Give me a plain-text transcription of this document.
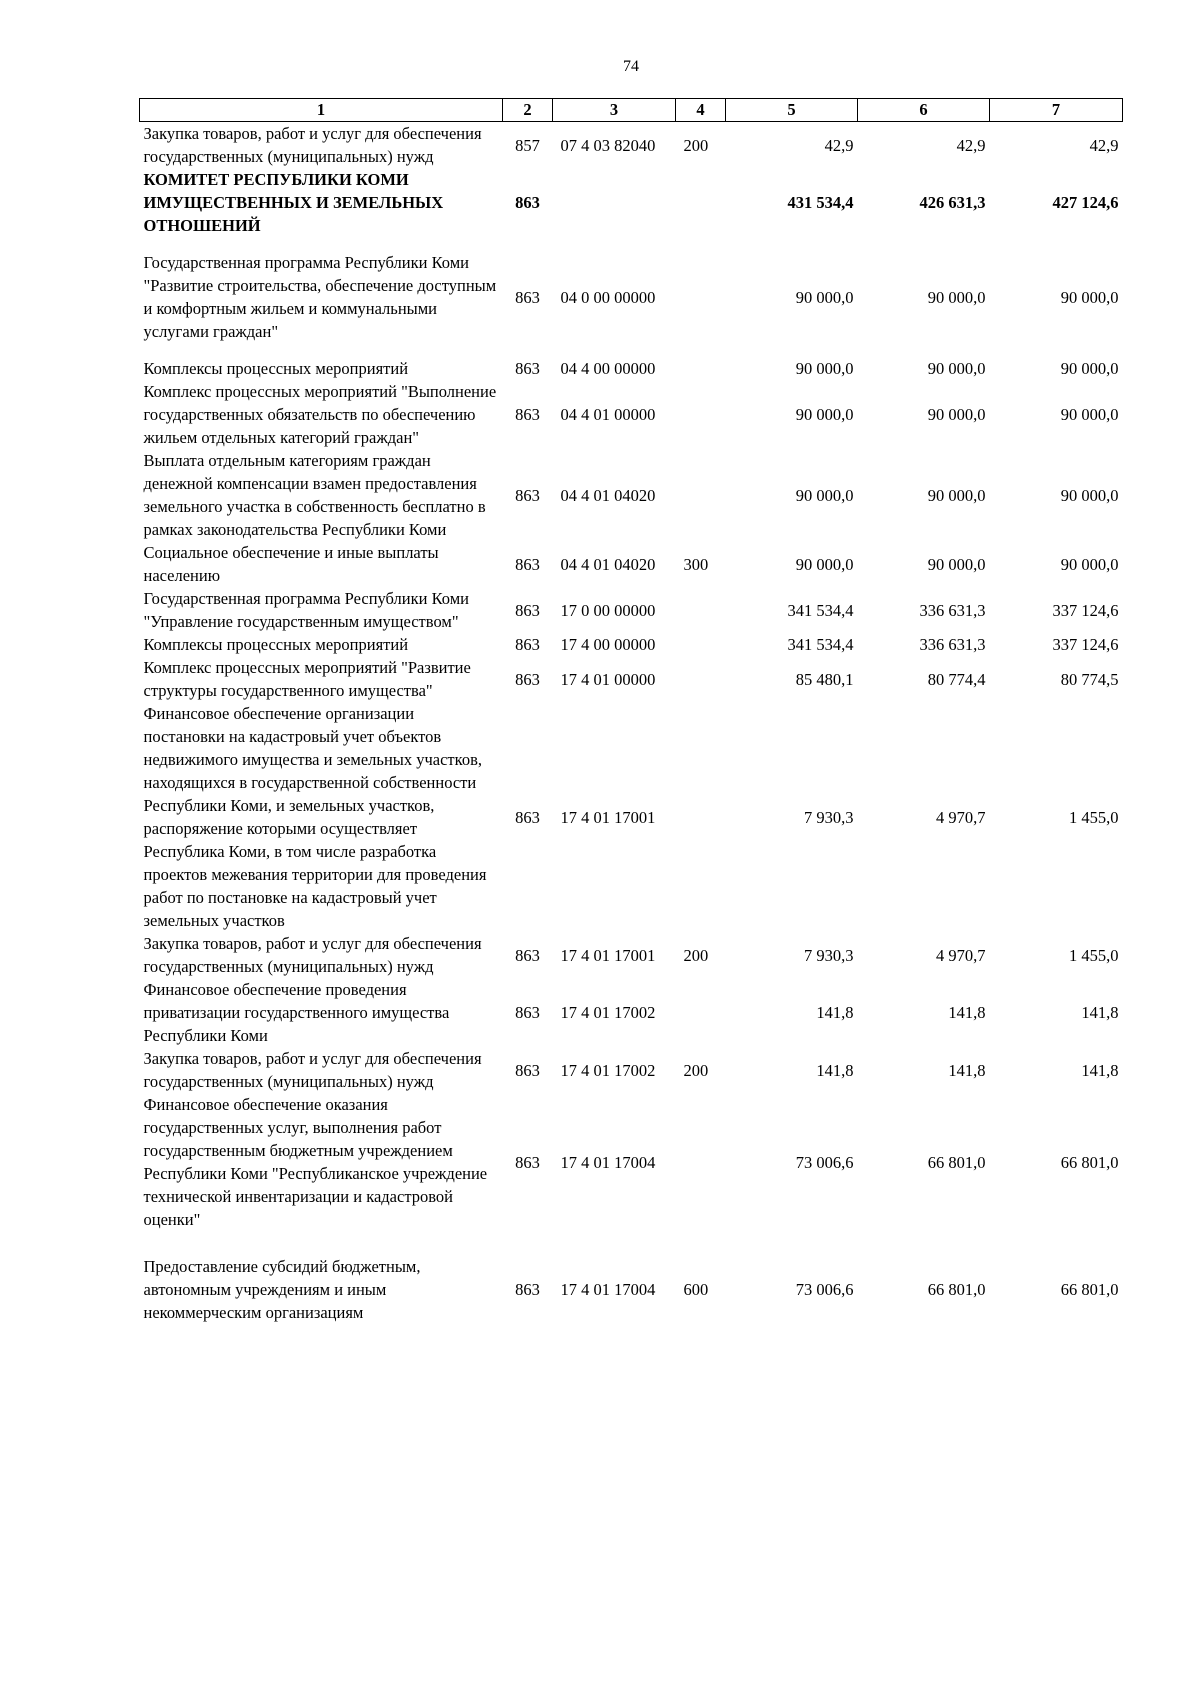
74
1	2	3	4	5	6	7
Закупка товаров, работ и услуг для обеспечения государственных (муниципальных) нужд	857	07 4 03 82040	200	42,9	42,9	42,9
КОМИТЕТ РЕСПУБЛИКИ КОМИ ИМУЩЕСТВЕННЫХ И ЗЕМЕЛЬНЫХ ОТНОШЕНИЙ	863			431 534,4	426 631,3	427 124,6
Государственная программа Республики Коми "Развитие строительства, обеспечение доступным и комфортным жильем и коммунальными услугами граждан"	863	04 0 00 00000		90 000,0	90 000,0	90 000,0
Комплексы процессных мероприятий	863	04 4 00 00000		90 000,0	90 000,0	90 000,0
Комплекс процессных мероприятий "Выполнение государственных обязательств по обеспечению жильем отдельных категорий граждан"	863	04 4 01 00000		90 000,0	90 000,0	90 000,0
Выплата отдельным категориям граждан денежной компенсации взамен предоставления земельного участка в собственность бесплатно в рамках законодательства Республики Коми	863	04 4 01 04020		90 000,0	90 000,0	90 000,0
Социальное обеспечение и иные выплаты населению	863	04 4 01 04020	300	90 000,0	90 000,0	90 000,0
Государственная программа Республики Коми "Управление государственным имуществом"	863	17 0 00 00000		341 534,4	336 631,3	337 124,6
Комплексы процессных мероприятий	863	17 4 00 00000		341 534,4	336 631,3	337 124,6
Комплекс процессных мероприятий "Развитие структуры государственного имущества"	863	17 4 01 00000		85 480,1	80 774,4	80 774,5
Финансовое обеспечение организации постановки на кадастровый учет объектов недвижимого имущества и земельных участков, находящихся в государственной собственности Республики Коми, и земельных участков, распоряжение которыми осуществляет Республика Коми, в том числе разработка проектов межевания территории для проведения работ по постановке на кадастровый учет земельных участков	863	17 4 01 17001		7 930,3	4 970,7	1 455,0
Закупка товаров, работ и услуг для обеспечения государственных (муниципальных) нужд	863	17 4 01 17001	200	7 930,3	4 970,7	1 455,0
Финансовое обеспечение проведения приватизации государственного имущества Республики Коми	863	17 4 01 17002		141,8	141,8	141,8
Закупка товаров, работ и услуг для обеспечения государственных (муниципальных) нужд	863	17 4 01 17002	200	141,8	141,8	141,8
Финансовое обеспечение оказания государственных услуг, выполнения работ государственным бюджетным учреждением Республики Коми "Республиканское учреждение технической инвентаризации и кадастровой оценки"	863	17 4 01 17004		73 006,6	66 801,0	66 801,0
Предоставление субсидий бюджетным, автономным учреждениям и иным некоммерческим организациям	863	17 4 01 17004	600	73 006,6	66 801,0	66 801,0
